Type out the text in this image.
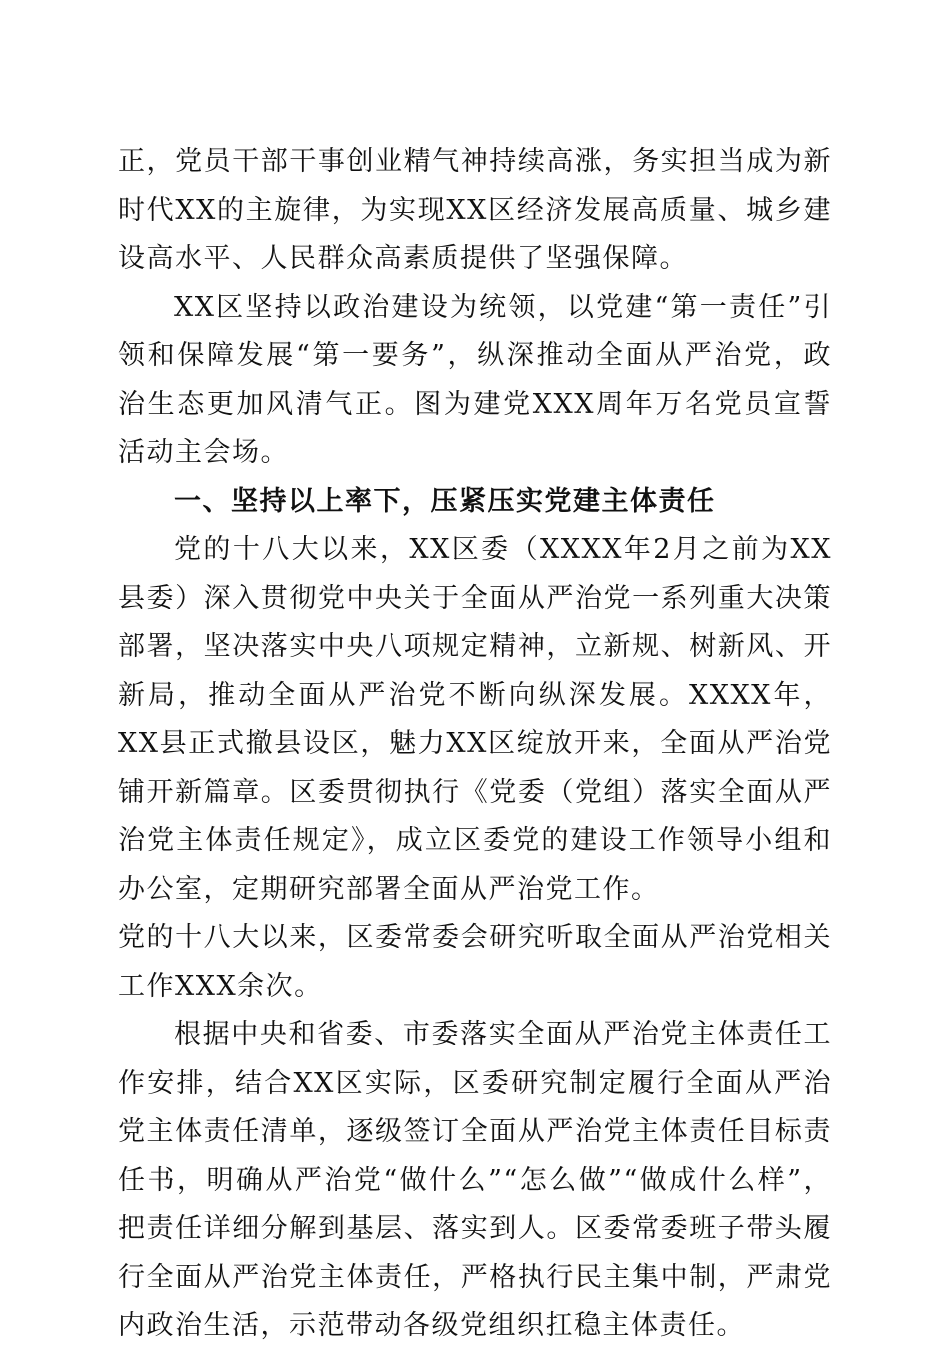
正，党员干部干事创业精气神持续高涨，务实担当成为新时代XX的主旋律，为实现XX区经济发展高质量、城乡建设高水平、人民群众高素质提供了坚强保障。

XX区坚持以政治建设为统领，以党建“第一责任”引领和保障发展“第一要务”，纵深推动全面从严治党，政治生态更加风清气正。图为建党XXX周年万名党员宣誓活动主会场。

一、坚持以上率下，压紧压实党建主体责任

党的十八大以来，XX区委（XXXX年2月之前为XX县委）深入贯彻党中央关于全面从严治党一系列重大决策部署，坚决落实中央八项规定精神，立新规、树新风、开新局，推动全面从严治党不断向纵深发展。XXXX年，XX县正式撤县设区，魅力XX区绽放开来，全面从严治党铺开新篇章。区委贯彻执行《党委（党组）落实全面从严治党主体责任规定》，成立区委党的建设工作领导小组和办公室，定期研究部署全面从严治党工作。

党的十八大以来，区委常委会研究听取全面从严治党相关工作XXX余次。

根据中央和省委、市委落实全面从严治党主体责任工作安排，结合XX区实际，区委研究制定履行全面从严治党主体责任清单，逐级签订全面从严治党主体责任目标责任书，明确从严治党“做什么”“怎么做”“做成什么样”，把责任详细分解到基层、落实到人。区委常委班子带头履行全面从严治党主体责任，严格执行民主集中制，严肃党内政治生活，示范带动各级党组织扛稳主体责任。
